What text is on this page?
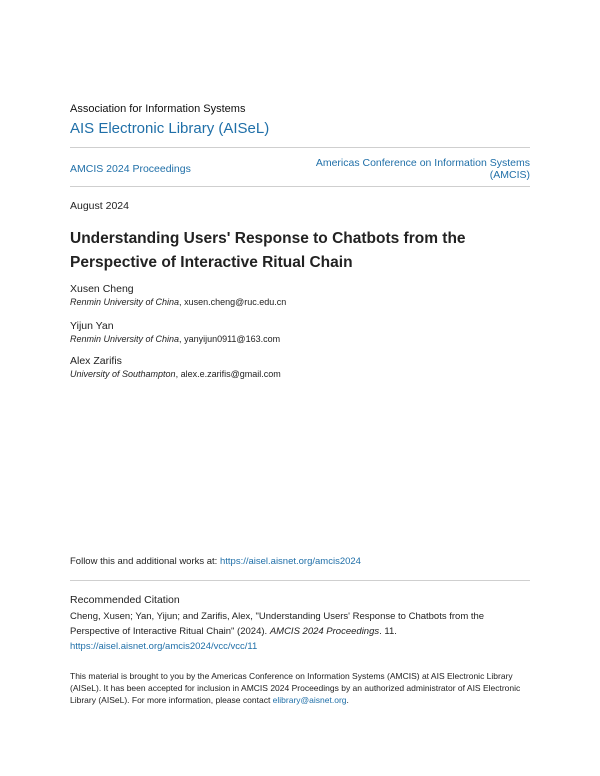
Association for Information Systems
AIS Electronic Library (AISeL)
AMCIS 2024 Proceedings	Americas Conference on Information Systems (AMCIS)
August 2024
Understanding Users' Response to Chatbots from the Perspective of Interactive Ritual Chain
Xusen Cheng
Renmin University of China, xusen.cheng@ruc.edu.cn
Yijun Yan
Renmin University of China, yanyijun0911@163.com
Alex Zarifis
University of Southampton, alex.e.zarifis@gmail.com
Follow this and additional works at: https://aisel.aisnet.org/amcis2024
Recommended Citation
Cheng, Xusen; Yan, Yijun; and Zarifis, Alex, "Understanding Users' Response to Chatbots from the Perspective of Interactive Ritual Chain" (2024). AMCIS 2024 Proceedings. 11.
https://aisel.aisnet.org/amcis2024/vcc/vcc/11
This material is brought to you by the Americas Conference on Information Systems (AMCIS) at AIS Electronic Library (AISeL). It has been accepted for inclusion in AMCIS 2024 Proceedings by an authorized administrator of AIS Electronic Library (AISeL). For more information, please contact elibrary@aisnet.org.
